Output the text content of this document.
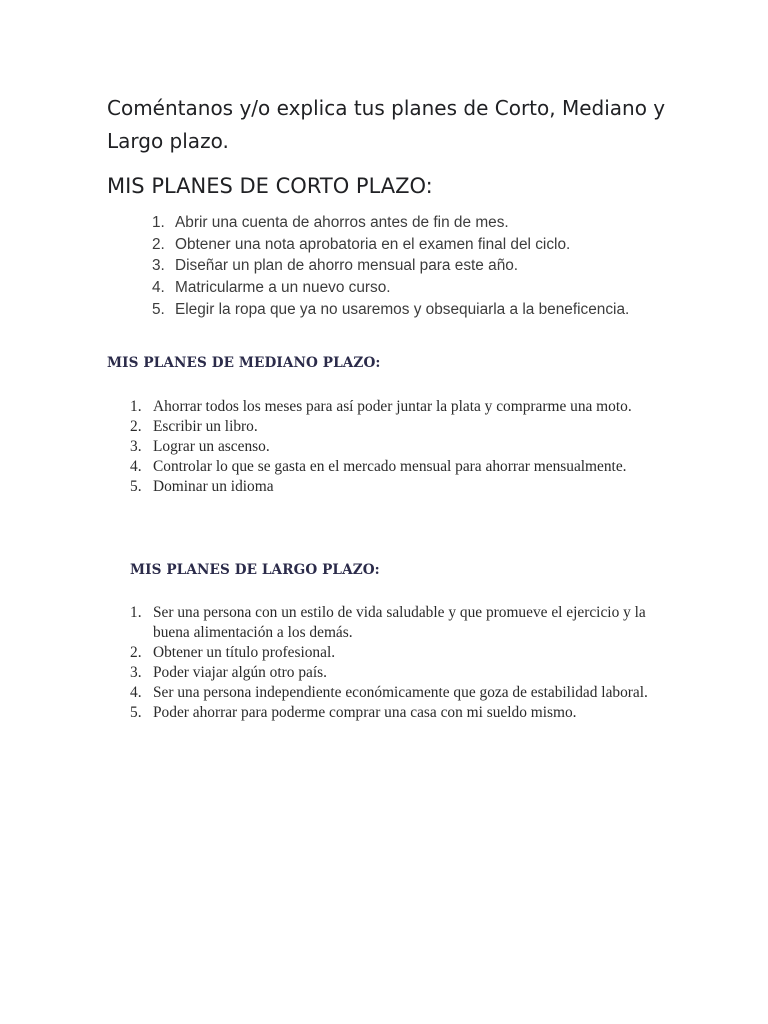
Coméntanos y/o explica tus planes de Corto, Mediano y Largo plazo.
MIS PLANES DE CORTO PLAZO:
1. Abrir una cuenta de ahorros antes de fin de mes.
2. Obtener una nota aprobatoria en el examen final del ciclo.
3. Diseñar un plan de ahorro mensual para este año.
4. Matricularme a un nuevo curso.
5. Elegir la ropa que ya no usaremos y obsequiarla a la beneficencia.
MIS PLANES DE MEDIANO PLAZO:
1. Ahorrar todos los meses para así poder juntar la plata y comprarme una moto.
2. Escribir un libro.
3. Lograr un ascenso.
4. Controlar lo que se gasta en el mercado mensual para ahorrar mensualmente.
5. Dominar un idioma
MIS PLANES DE LARGO PLAZO:
1. Ser una persona con un estilo de vida saludable y que promueve el ejercicio y la buena alimentación a los demás.
2. Obtener un título profesional.
3. Poder viajar algún otro país.
4. Ser una persona independiente económicamente que goza de estabilidad laboral.
5. Poder ahorrar para poderme comprar una casa con mi sueldo mismo.
